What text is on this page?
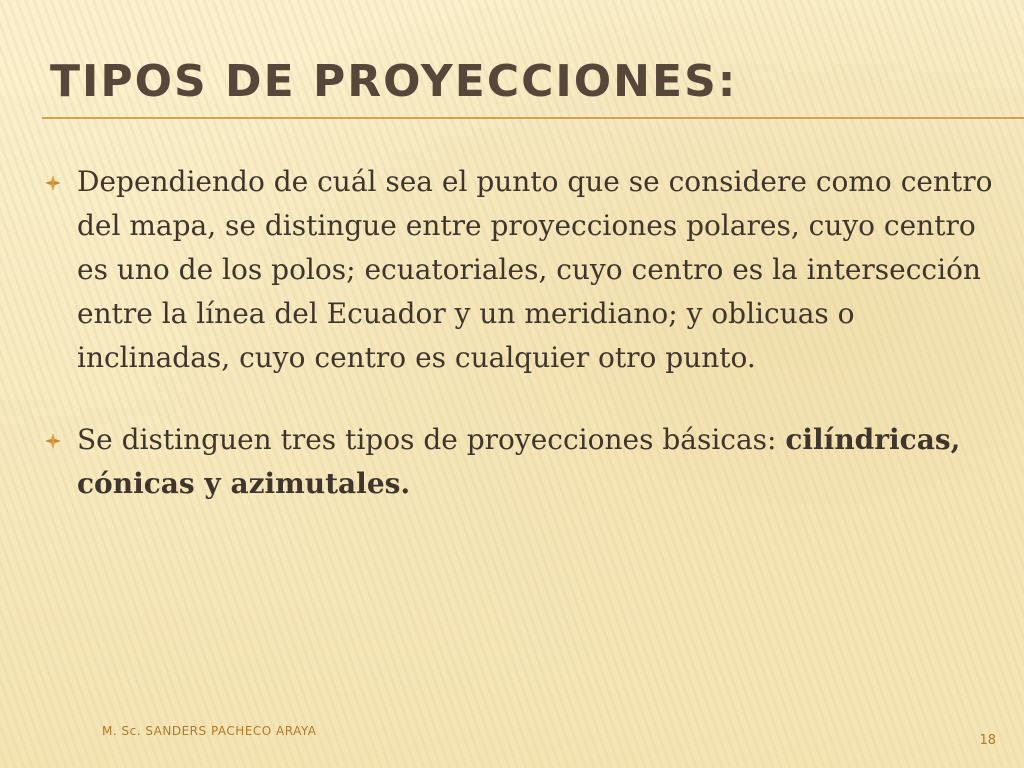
TIPOS DE PROYECCIONES:

Dependiendo de cuál sea el punto que se considere como centro del mapa, se distingue entre proyecciones polares, cuyo centro es uno de los polos; ecuatoriales, cuyo centro es la intersección entre la línea del Ecuador y un meridiano; y oblicuas o inclinadas, cuyo centro es cualquier otro punto.

Se distinguen tres tipos de proyecciones básicas: cilíndricas, cónicas y azimutales.

M. Sc. SANDERS PACHECO ARAYA
18
